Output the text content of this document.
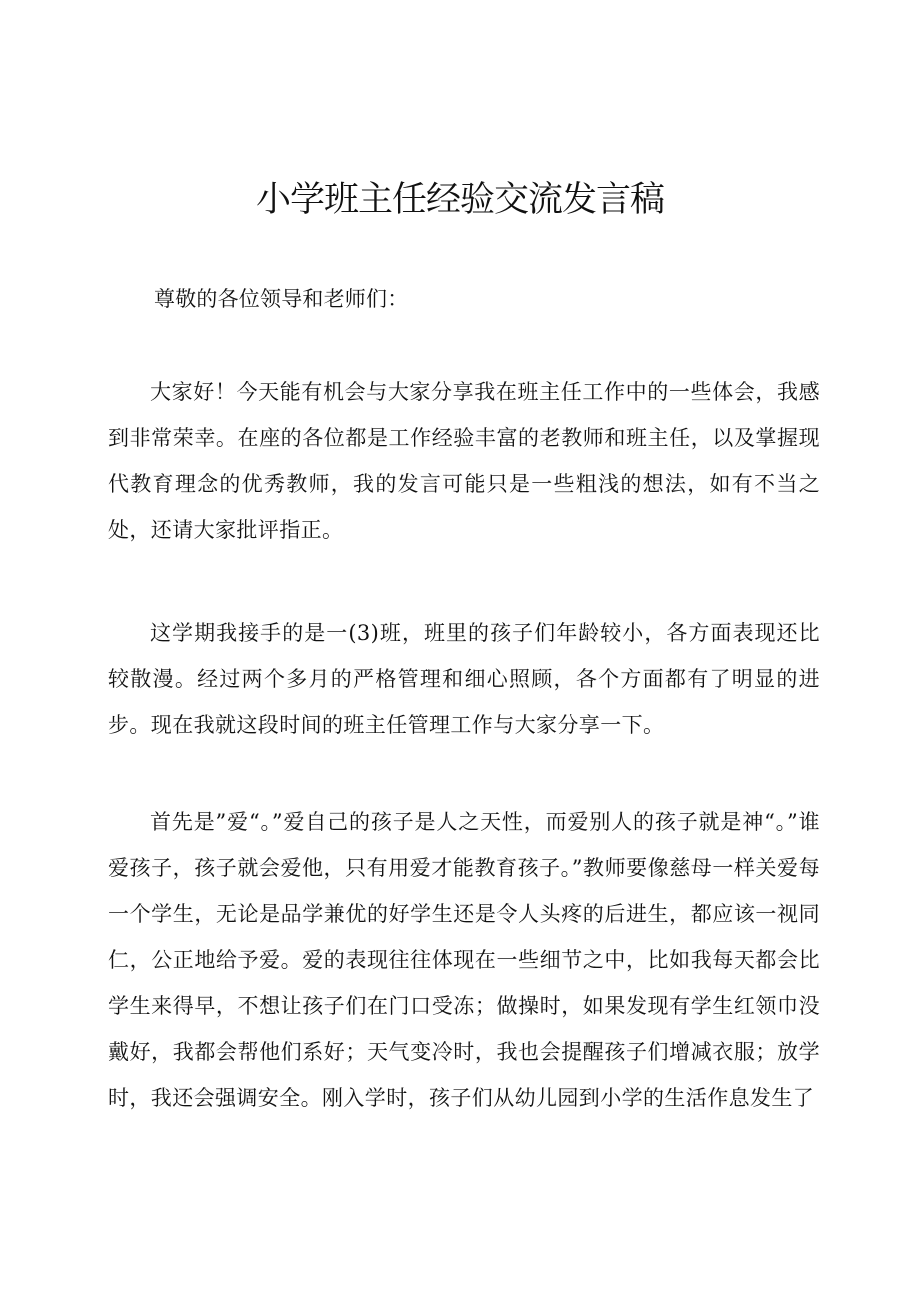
小学班主任经验交流发言稿

尊敬的各位领导和老师们：

大家好！今天能有机会与大家分享我在班主任工作中的一些体会，我感到非常荣幸。在座的各位都是工作经验丰富的老教师和班主任，以及掌握现代教育理念的优秀教师，我的发言可能只是一些粗浅的想法，如有不当之处，还请大家批评指正。

这学期我接手的是一(3)班，班里的孩子们年龄较小，各方面表现还比较散漫。经过两个多月的严格管理和细心照顾，各个方面都有了明显的进步。现在我就这段时间的班主任管理工作与大家分享一下。

首先是”爱“。”爱自己的孩子是人之天性，而爱别人的孩子就是神“。”谁爱孩子，孩子就会爱他，只有用爱才能教育孩子。”教师要像慈母一样关爱每一个学生，无论是品学兼优的好学生还是令人头疼的后进生，都应该一视同仁，公正地给予爱。爱的表现往往体现在一些细节之中，比如我每天都会比学生来得早，不想让孩子们在门口受冻；做操时，如果发现有学生红领巾没戴好，我都会帮他们系好；天气变冷时，我也会提醒孩子们增减衣服；放学时，我还会强调安全。刚入学时，孩子们从幼儿园到小学的生活作息发生了
